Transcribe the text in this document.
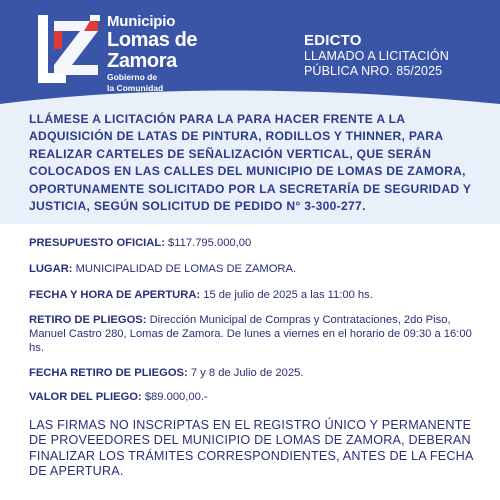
Municipio
Lomas de
Zamora
Gobierno de
la Comunidad
EDICTO
LLAMADO A LICITACIÓN
PÚBLICA NRO. 85/2025

LLÁMESE A LICITACIÓN PARA LA PARA HACER FRENTE A LA ADQUISICIÓN DE LATAS DE PINTURA, RODILLOS Y THINNER, PARA REALIZAR CARTELES DE SEÑALIZACIÓN VERTICAL, QUE SERÁN COLOCADOS EN LAS CALLES DEL MUNICIPIO DE LOMAS DE ZAMORA, OPORTUNAMENTE SOLICITADO POR LA SECRETARÍA DE SEGURIDAD Y JUSTICIA, SEGÚN SOLICITUD DE PEDIDO N° 3-300-277.

PRESUPUESTO OFICIAL: $117.795.000,00

LUGAR: MUNICIPALIDAD DE LOMAS DE ZAMORA.

FECHA Y HORA DE APERTURA: 15 de julio de 2025 a las 11:00 hs.

RETIRO DE PLIEGOS: Dirección Municipal de Compras y Contrataciones, 2do Piso, Manuel Castro 280, Lomas de Zamora. De lunes a viernes en el horario de 09:30 a 16:00 hs.

FECHA RETIRO DE PLIEGOS: 7 y 8 de Julio de 2025.

VALOR DEL PLIEGO: $89.000,00.-

LAS FIRMAS NO INSCRIPTAS EN EL REGISTRO ÚNICO Y PERMANENTE DE PROVEEDORES DEL MUNICIPIO DE LOMAS DE ZAMORA, DEBERAN FINALIZAR LOS TRÁMITES CORRESPONDIENTES, ANTES DE LA FECHA DE APERTURA.
